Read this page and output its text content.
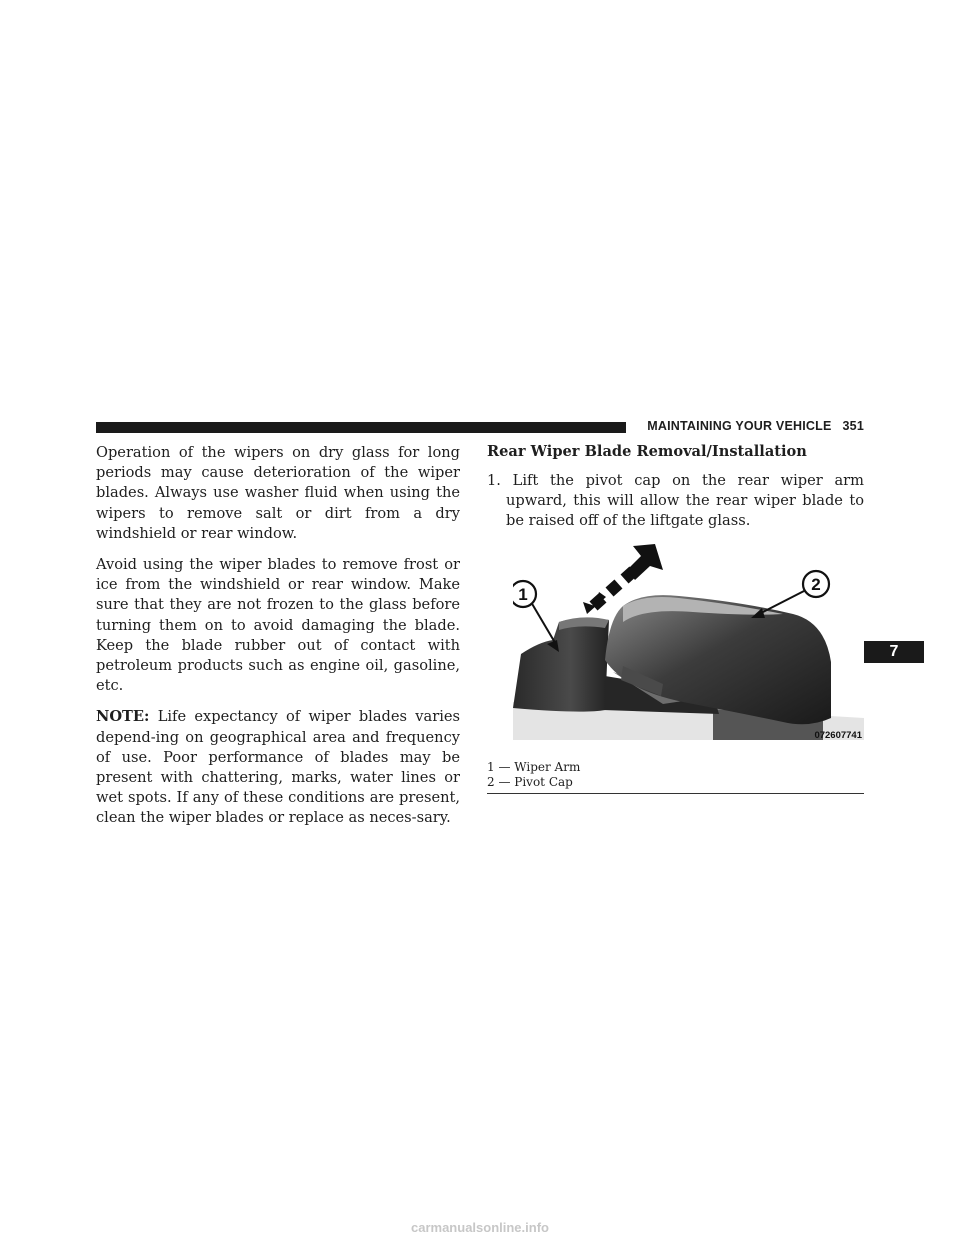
MAINTAINING YOUR VEHICLE 351

Operation of the wipers on dry glass for long periods may cause deterioration of the wiper blades. Always use washer fluid when using the wipers to remove salt or dirt from a dry windshield or rear window.

Avoid using the wiper blades to remove frost or ice from the windshield or rear window. Make sure that they are not frozen to the glass before turning them on to avoid damaging the blade. Keep the blade rubber out of contact with petroleum products such as engine oil, gasoline, etc.

NOTE: Life expectancy of wiper blades varies depend-ing on geographical area and frequency of use. Poor performance of blades may be present with chattering, marks, water lines or wet spots. If any of these conditions are present, clean the wiper blades or replace as neces-sary.

Rear Wiper Blade Removal/Installation

1. Lift the pivot cap on the rear wiper arm upward, this will allow the rear wiper blade to be raised off of the liftgate glass.

1
2
072607741
1 — Wiper Arm
2 — Pivot Cap
7
carmanualsonline.info
